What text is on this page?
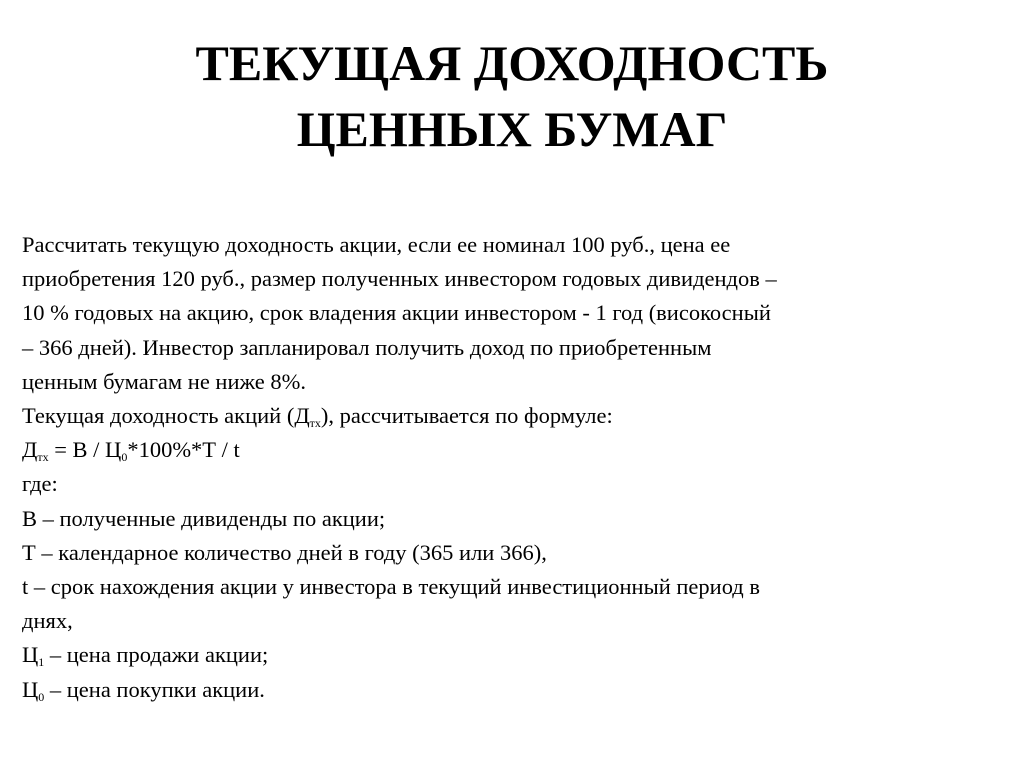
ТЕКУЩАЯ ДОХОДНОСТЬ
ЦЕННЫХ БУМАГ
Рассчитать текущую доходность акции, если ее номинал 100 руб., цена ее
приобретения 120 руб., размер полученных инвестором годовых дивидендов –
10 % годовых на акцию, срок владения акции инвестором - 1 год (високосный
– 366 дней). Инвестор запланировал получить доход по приобретенным
ценным бумагам не ниже 8%.
Текущая доходность акций $(Д_{тх})$, рассчитывается по формуле:
$Д_{тх} = В / Ц_0*100\%*Т / t$
где:
В – полученные дивиденды по акции;
Т – календарное количество дней в году (365 или 366),
t – срок нахождения акции у инвестора в текущий инвестиционный период в
днях,
$Ц_1$ – цена продажи акции;
$Ц_0$ – цена покупки акции.
